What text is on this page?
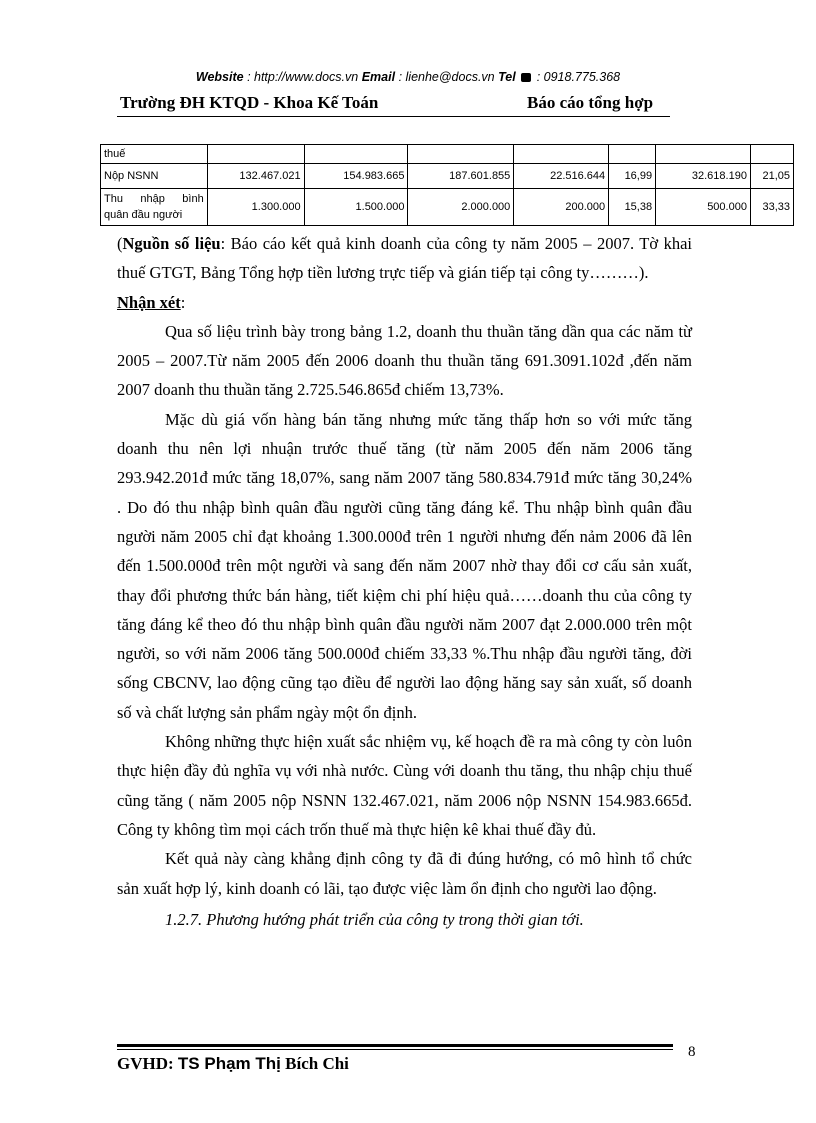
Website : http://www.docs.vn Email : lienhe@docs.vn Tel : 0918.775.368
Trường ĐH KTQD - Khoa Kế Toán	Báo cáo tổng hợp
thuế							
Nộp NSNN	132.467.021	154.983.665	187.601.855	22.516.644	16,99	32.618.190	21,05

Thu nhập bình
quân đầu người	1.300.000	1.500.000	2.000.000	200.000	15,38	500.000	33,33

(Nguồn số liệu: Báo cáo kết quả kinh doanh của công ty năm 2005 – 2007. Tờ khai thuế GTGT, Bảng Tổng hợp tiền lương trực tiếp và gián tiếp tại công ty………).

Nhận xét:

Qua số liệu trình bày trong bảng 1.2, doanh thu thuần tăng dần qua các năm từ 2005 – 2007.Từ năm 2005 đến 2006 doanh thu thuần tăng 691.3091.102đ ,đến năm 2007 doanh thu thuần tăng 2.725.546.865đ chiếm 13,73%.

Mặc dù giá vốn hàng bán tăng nhưng mức tăng thấp hơn so với mức tăng doanh thu nên lợi nhuận trước thuế tăng (từ năm 2005 đến năm 2006 tăng 293.942.201đ mức tăng 18,07%, sang năm 2007 tăng 580.834.791đ mức tăng 30,24% . Do đó thu nhập bình quân đầu người cũng tăng đáng kể. Thu nhập bình quân đầu người năm 2005 chỉ đạt khoảng 1.300.000đ trên 1 người nhưng đến nảm 2006 đã lên đến 1.500.000đ trên một người và sang đến năm 2007 nhờ thay đổi cơ cấu sản xuất, thay đổi phương thức bán hàng, tiết kiệm chi phí hiệu quả……doanh thu của công ty tăng đáng kể theo đó thu nhập bình quân đầu người năm 2007 đạt 2.000.000 trên một người, so với năm 2006 tăng 500.000đ chiếm 33,33 %.Thu nhập đầu người tăng, đời sống CBCNV, lao động cũng tạo điều để người lao động hăng say sản xuất, số doanh số và chất lượng sản phẩm ngày một ổn định.

Không những thực hiện xuất sắc nhiệm vụ, kế hoạch đề ra mà công ty còn luôn thực hiện đầy đủ nghĩa vụ với nhà nước. Cùng với doanh thu tăng, thu nhập chịu thuế cũng tăng ( năm 2005 nộp NSNN 132.467.021, năm 2006 nộp NSNN 154.983.665đ. Công ty không tìm mọi cách trốn thuế mà thực hiện kê khai thuế đầy đủ.

Kết quả này càng khẳng định công ty đã đi đúng hướng, có mô hình tổ chức sản xuất hợp lý, kinh doanh có lãi, tạo được việc làm ổn định cho người lao động.

1.2.7. Phương hướng phát triển của công ty trong thời gian tới.

GVHD: TS Phạm Thị Bích Chi
8
